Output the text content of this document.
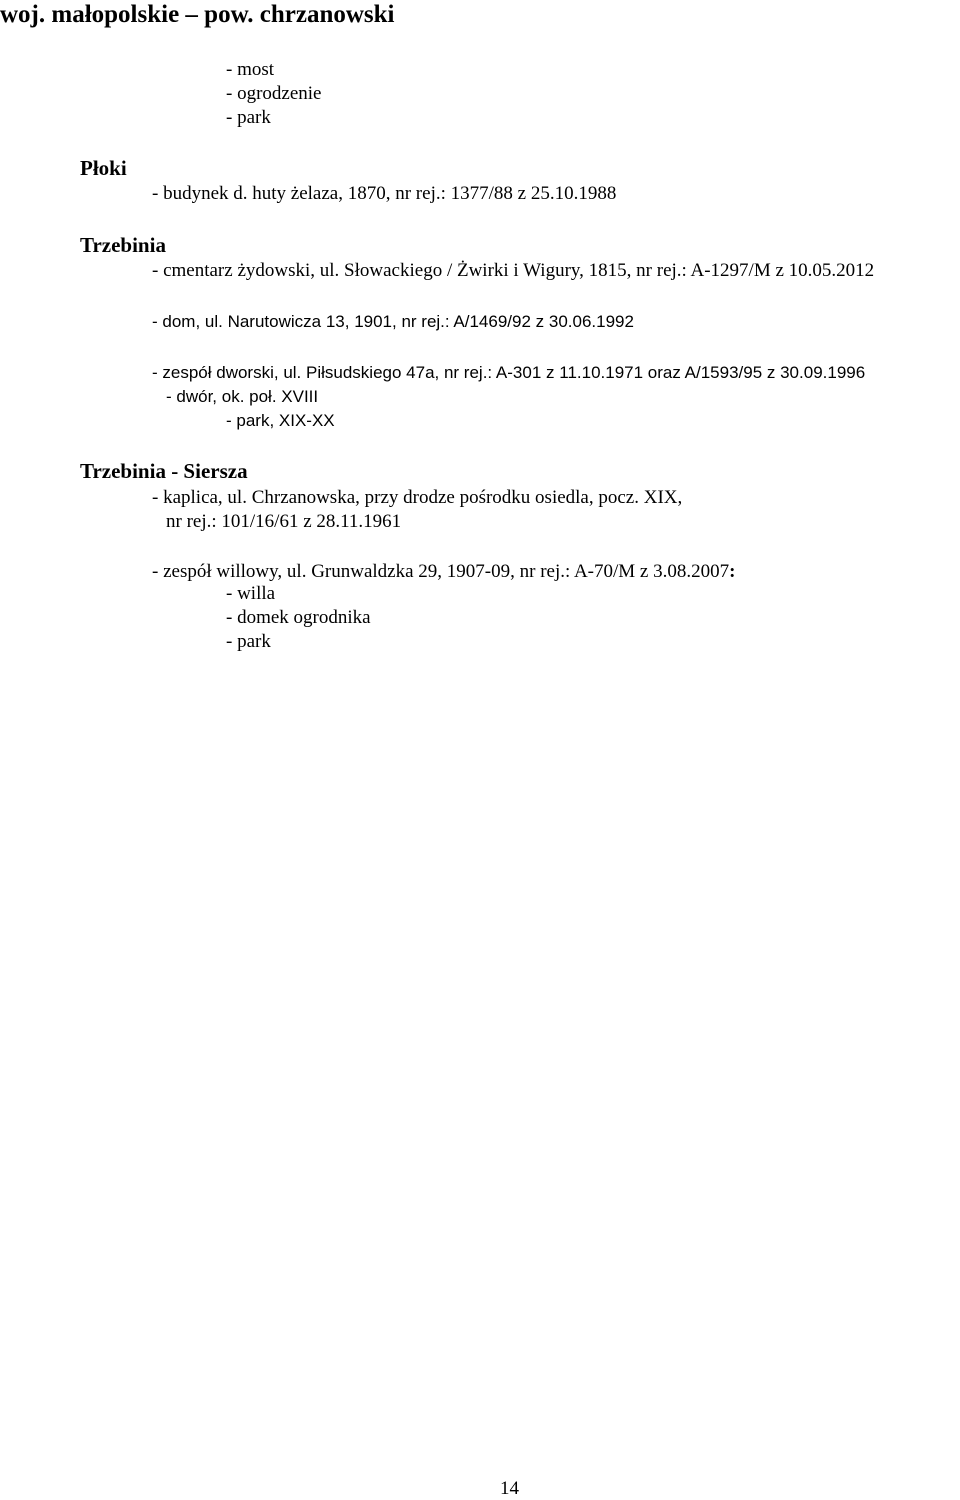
woj. małopolskie – pow. chrzanowski
- most
- ogrodzenie
- park
Płoki
- budynek d. huty żelaza, 1870, nr rej.: 1377/88 z 25.10.1988
Trzebinia
- cmentarz żydowski, ul. Słowackiego / Żwirki i Wigury, 1815, nr rej.: A-1297/M z 10.05.2012
- dom, ul. Narutowicza 13, 1901, nr rej.: A/1469/92 z 30.06.1992
- zespół dworski, ul. Piłsudskiego 47a, nr rej.: A-301 z 11.10.1971 oraz A/1593/95 z 30.09.1996
- dwór, ok. poł. XVIII
- park, XIX-XX
Trzebinia - Siersza
- kaplica, ul. Chrzanowska, przy drodze pośrodku osiedla, pocz. XIX,
nr rej.: 101/16/61 z 28.11.1961
- zespół willowy, ul. Grunwaldzka 29, 1907-09, nr rej.: A-70/M z 3.08.2007:
- willa
- domek ogrodnika
- park
14
